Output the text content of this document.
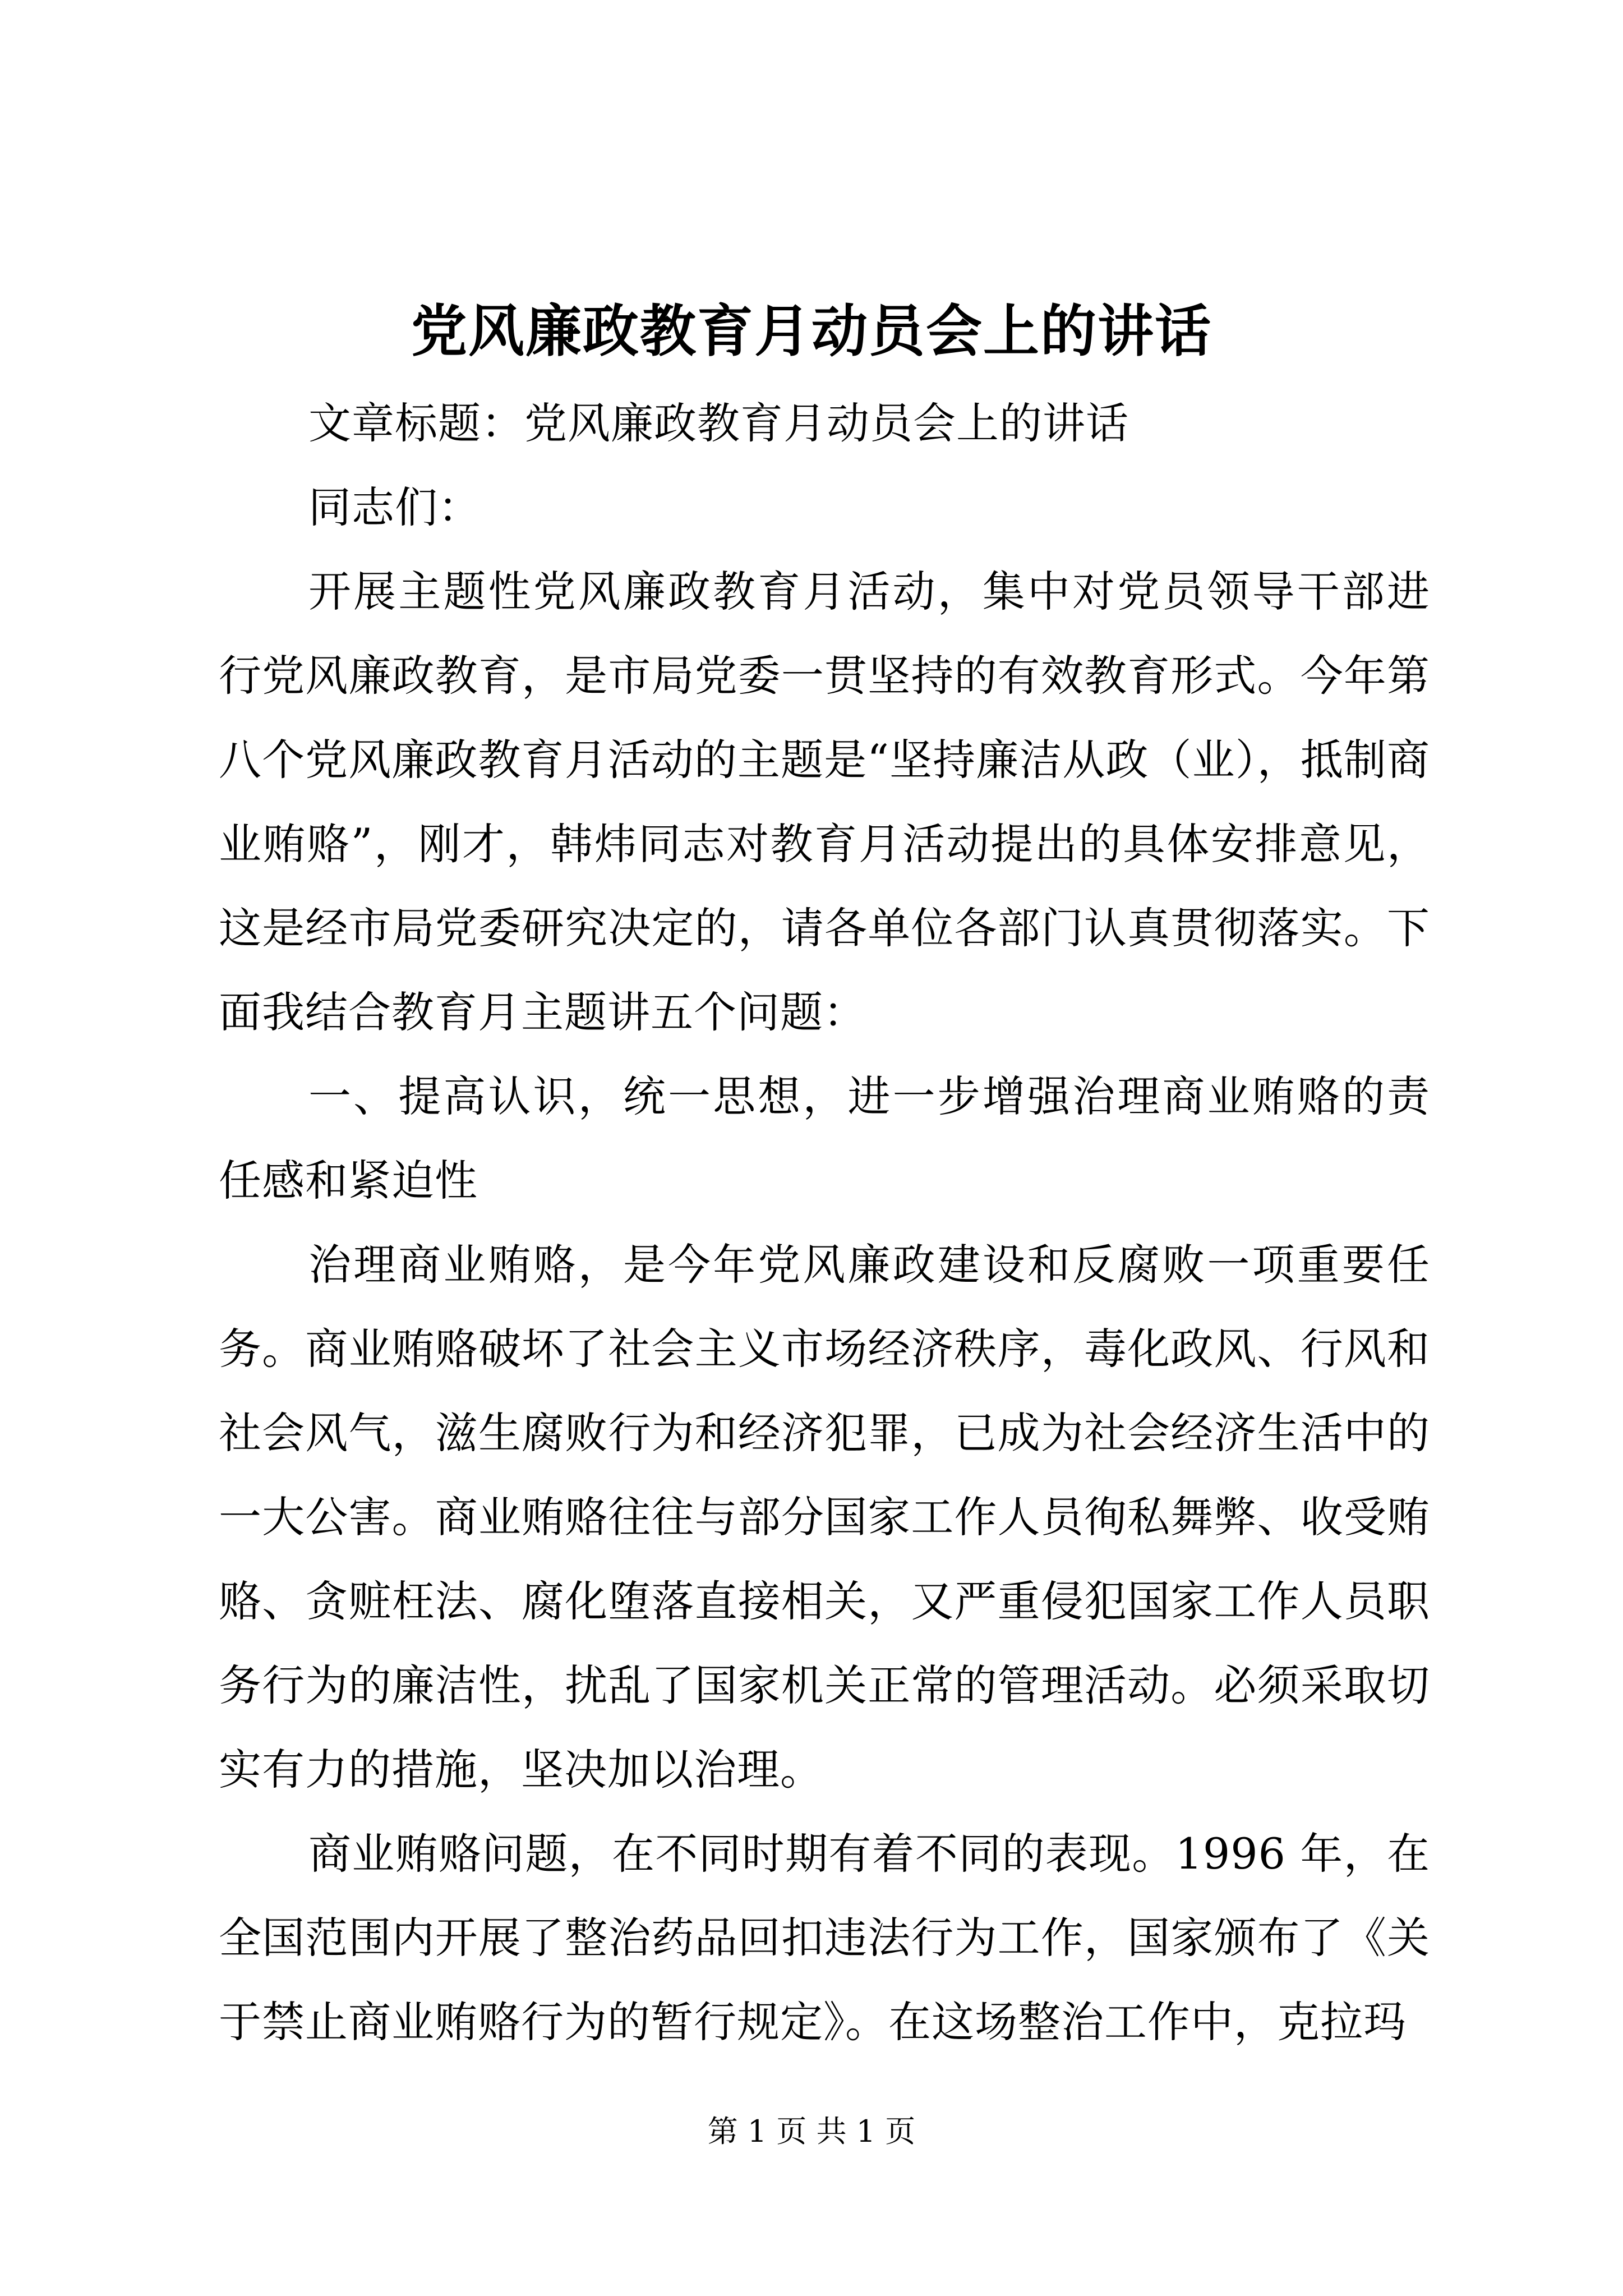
党风廉政教育月动员会上的讲话

文章标题：党风廉政教育月动员会上的讲话

同志们：

开展主题性党风廉政教育月活动，集中对党员领导干部进行党风廉政教育，是市局党委一贯坚持的有效教育形式。今年第八个党风廉政教育月活动的主题是“坚持廉洁从政（业），抵制商业贿赂”，刚才，韩炜同志对教育月活动提出的具体安排意见，这是经市局党委研究决定的，请各单位各部门认真贯彻落实。下面我结合教育月主题讲五个问题：

一、提高认识，统一思想，进一步增强治理商业贿赂的责任感和紧迫性

治理商业贿赂，是今年党风廉政建设和反腐败一项重要任务。商业贿赂破坏了社会主义市场经济秩序，毒化政风、行风和社会风气，滋生腐败行为和经济犯罪，已成为社会经济生活中的一大公害。商业贿赂往往与部分国家工作人员徇私舞弊、收受贿赂、贪赃枉法、腐化堕落直接相关，又严重侵犯国家工作人员职务行为的廉洁性，扰乱了国家机关正常的管理活动。必须采取切实有力的措施，坚决加以治理。

商业贿赂问题，在不同时期有着不同的表现。1996 年，在全国范围内开展了整治药品回扣违法行为工作，国家颁布了《关于禁止商业贿赂行为的暂行规定》。在这场整治工作中，克拉玛

第 1 页 共 1 页
